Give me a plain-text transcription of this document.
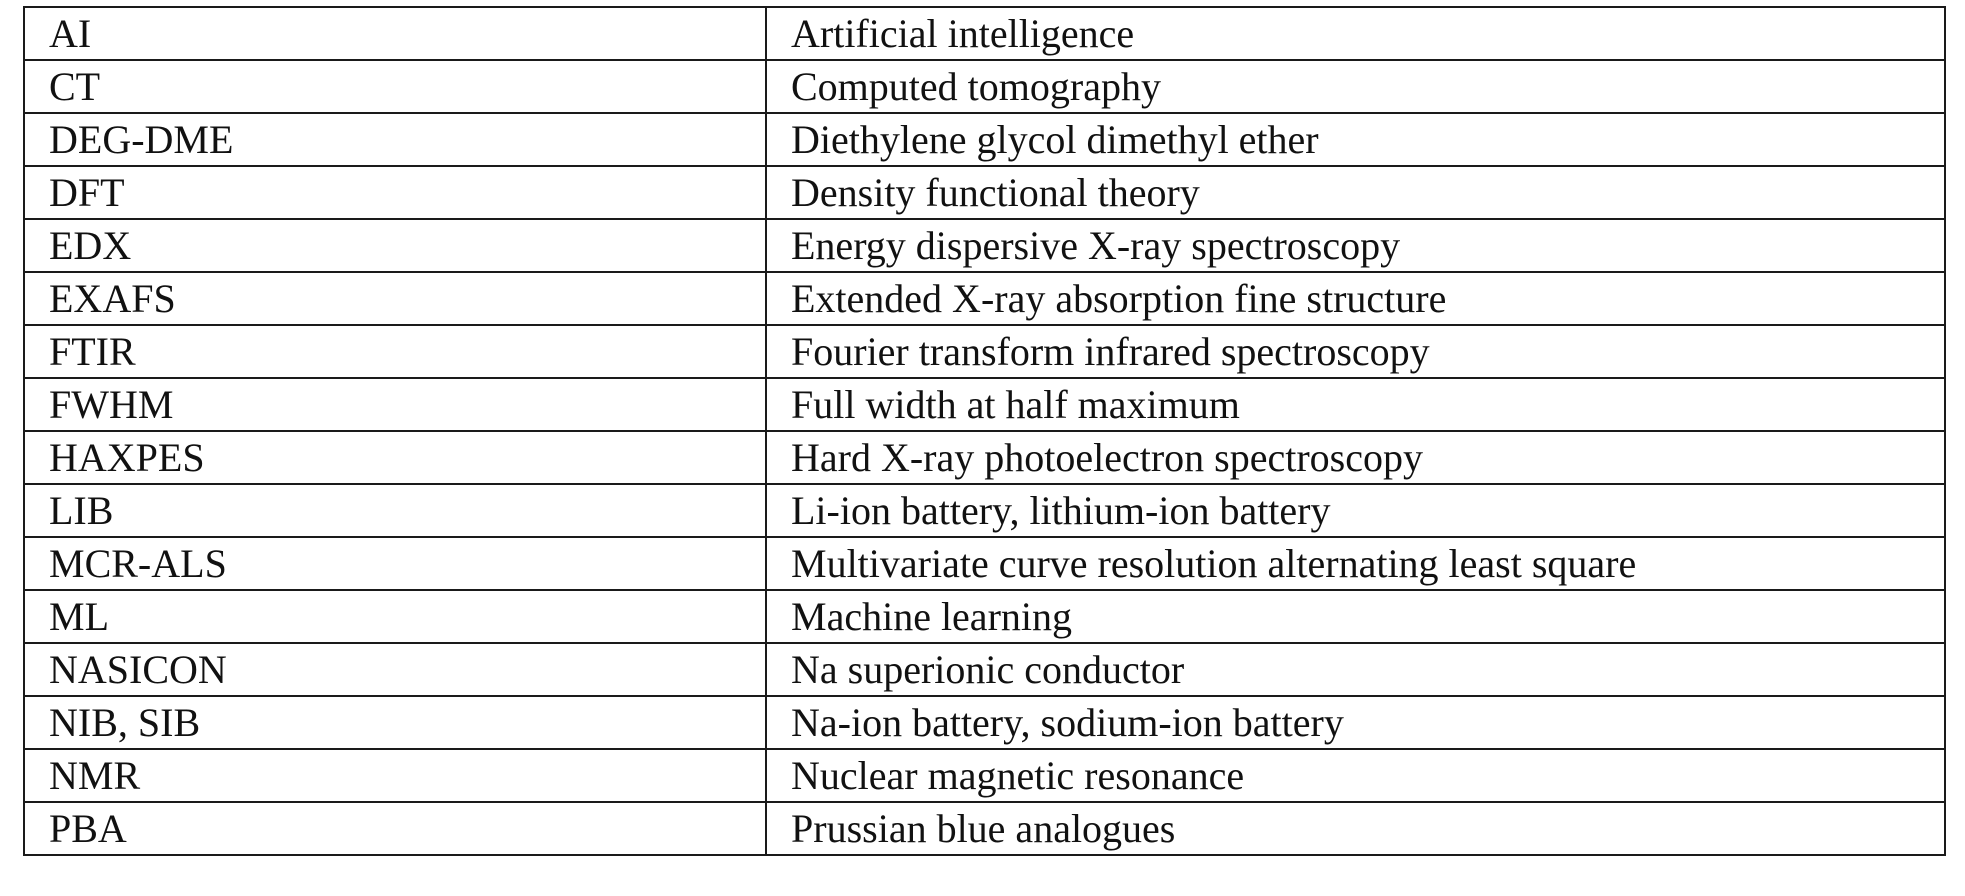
AI	Artificial intelligence
CT	Computed tomography
DEG-DME	Diethylene glycol dimethyl ether
DFT	Density functional theory
EDX	Energy dispersive X-ray spectroscopy
EXAFS	Extended X-ray absorption fine structure
FTIR	Fourier transform infrared spectroscopy
FWHM	Full width at half maximum
HAXPES	Hard X-ray photoelectron spectroscopy
LIB	Li-ion battery, lithium-ion battery
MCR-ALS	Multivariate curve resolution alternating least square
ML	Machine learning
NASICON	Na superionic conductor
NIB, SIB	Na-ion battery, sodium-ion battery
NMR	Nuclear magnetic resonance
PBA	Prussian blue analogues
